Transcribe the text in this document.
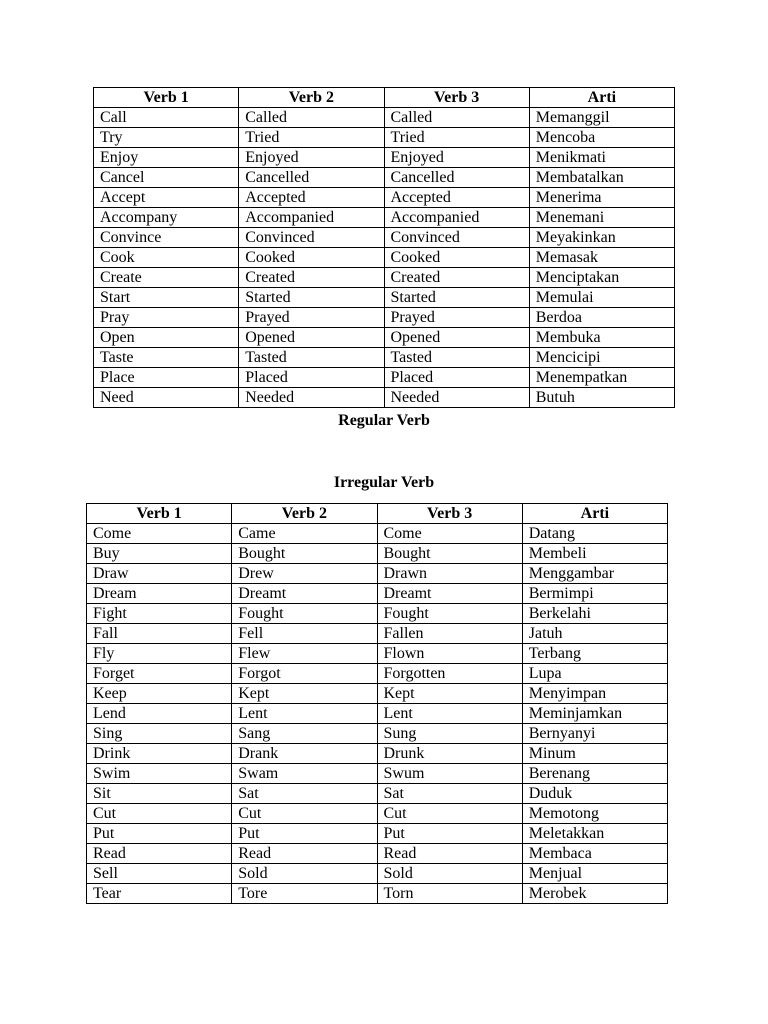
Verb 1	Verb 2	Verb 3	Arti
Call	Called	Called	Memanggil
Try	Tried	Tried	Mencoba
Enjoy	Enjoyed	Enjoyed	Menikmati
Cancel	Cancelled	Cancelled	Membatalkan
Accept	Accepted	Accepted	Menerima
Accompany	Accompanied	Accompanied	Menemani
Convince	Convinced	Convinced	Meyakinkan
Cook	Cooked	Cooked	Memasak
Create	Created	Created	Menciptakan
Start	Started	Started	Memulai
Pray	Prayed	Prayed	Berdoa
Open	Opened	Opened	Membuka
Taste	Tasted	Tasted	Mencicipi
Place	Placed	Placed	Menempatkan
Need	Needed	Needed	Butuh
Regular Verb
Irregular Verb
Verb 1	Verb 2	Verb 3	Arti
Come	Came	Come	Datang
Buy	Bought	Bought	Membeli
Draw	Drew	Drawn	Menggambar
Dream	Dreamt	Dreamt	Bermimpi
Fight	Fought	Fought	Berkelahi
Fall	Fell	Fallen	Jatuh
Fly	Flew	Flown	Terbang
Forget	Forgot	Forgotten	Lupa
Keep	Kept	Kept	Menyimpan
Lend	Lent	Lent	Meminjamkan
Sing	Sang	Sung	Bernyanyi
Drink	Drank	Drunk	Minum
Swim	Swam	Swum	Berenang
Sit	Sat	Sat	Duduk
Cut	Cut	Cut	Memotong
Put	Put	Put	Meletakkan
Read	Read	Read	Membaca
Sell	Sold	Sold	Menjual
Tear	Tore	Torn	Merobek
